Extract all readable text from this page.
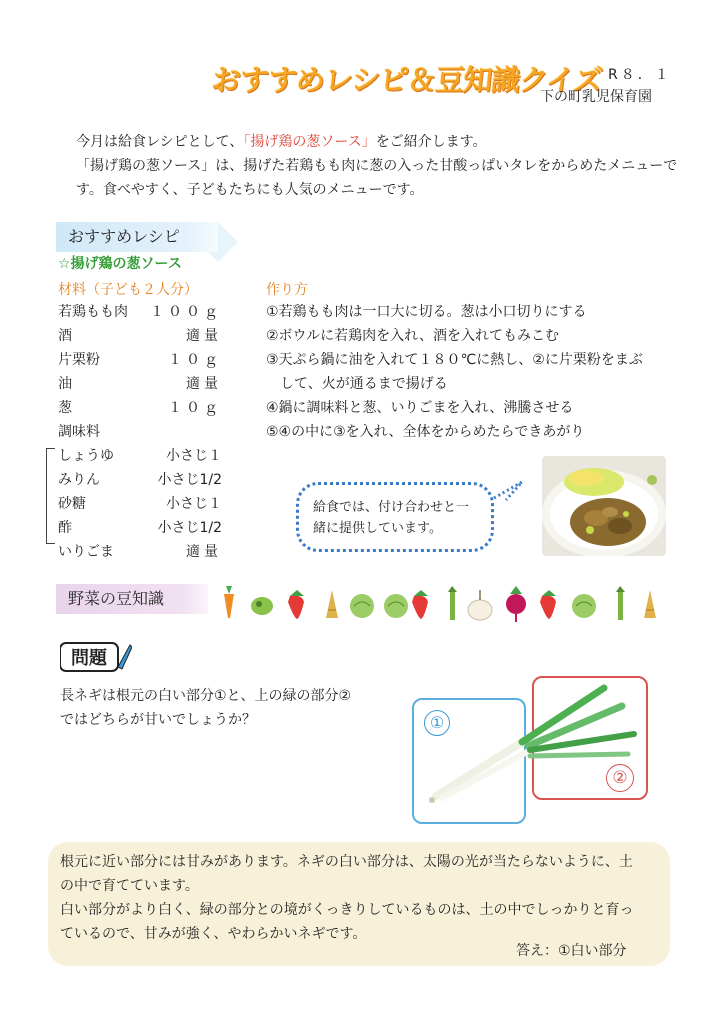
おすすめレシピ＆豆知識クイズ R８．１
下の町乳児保育園

今月は給食レシピとして、「揚げ鶏の葱ソース」をご紹介します。

「揚げ鶏の葱ソース」は、揚げた若鶏もも肉に葱の入った甘酸っぱいタレをからめたメニューです。食べやすく、子どもたちにも人気のメニューです。

おすすめレシピ
☆揚げ鶏の葱ソース
材料（子ども２人分）
若鶏もも肉 １００ｇ
酒	適量
片栗粉	１０ｇ
油	適量
葱	１０ｇ
調味料
しょうゆ	小さじ１
みりん	小さじ1/2
砂糖	小さじ１
酢	小さじ1/2
いりごま	適量
作り方
①若鶏もも肉は一口大に切る。葱は小口切りにする
②ボウルに若鶏肉を入れ、酒を入れてもみこむ
③天ぷら鍋に油を入れて１８０℃に熱し、②に片栗粉をまぶ
　して、火が通るまで揚げる
④鍋に調味料と葱、いりごまを入れ、沸騰させる
⑤④の中に③を入れ、全体をからめたらできあがり
給食では、付け合わせと一
緒に提供しています。
野菜の豆知識
問題
長ネギは根元の白い部分①と、上の緑の部分②
ではどちらが甘いでしょうか？	①
②

根元に近い部分には甘みがあります。ネギの白い部分は、太陽の光が当たらないように、土

の中で育てています。

白い部分がより白く、緑の部分との境がくっきりしているものは、土の中でしっかりと育っ

ているので、甘みが強く、やわらかいネギです。

答え：①白い部分
